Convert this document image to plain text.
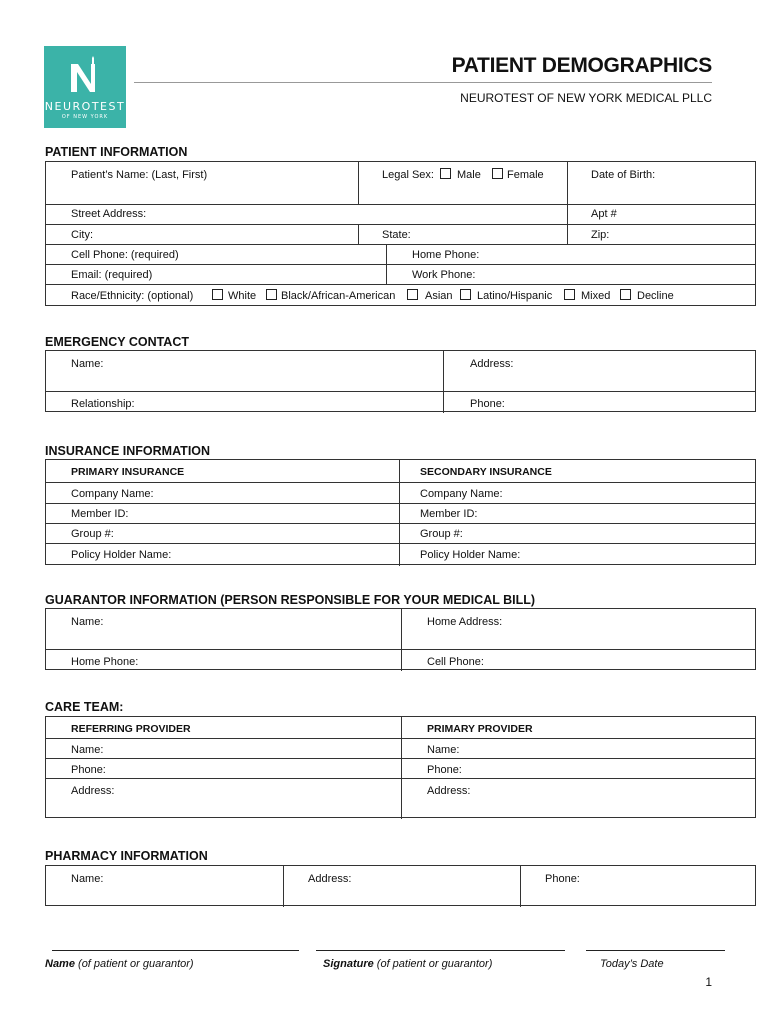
NEUROTEST
OF NEW YORK
PATIENT DEMOGRAPHICS
NEUROTEST OF NEW YORK MEDICAL PLLC
PATIENT INFORMATION
Patient’s Name: (Last, First)	Legal Sex: Male Female	Date of Birth:
Street Address:	Apt #
City:	State:	Zip:
Cell Phone: (required)	Home Phone:
Email: (required)	Work Phone:
Race/Ethnicity: (optional)	White Black/African-American	Asian Latino/Hispanic	Mixed Decline
EMERGENCY CONTACT
Name:	Address:
Relationship:	Phone:
INSURANCE INFORMATION
PRIMARY INSURANCE	SECONDARY INSURANCE
Company Name:	Company Name:
Member ID:	Member ID:
Group #:	Group #:
Policy Holder Name:	Policy Holder Name:
GUARANTOR INFORMATION (PERSON RESPONSIBLE FOR YOUR MEDICAL BILL)
Name:	Home Address:
Home Phone:	Cell Phone:
CARE TEAM:
REFERRING PROVIDER	PRIMARY PROVIDER
Name:	Name:
Phone:	Phone:
Address:	Address:
PHARMACY INFORMATION
Name:	Address:	Phone:
Name (of patient or guarantor)	Signature (of patient or guarantor)	Today’s Date
1
